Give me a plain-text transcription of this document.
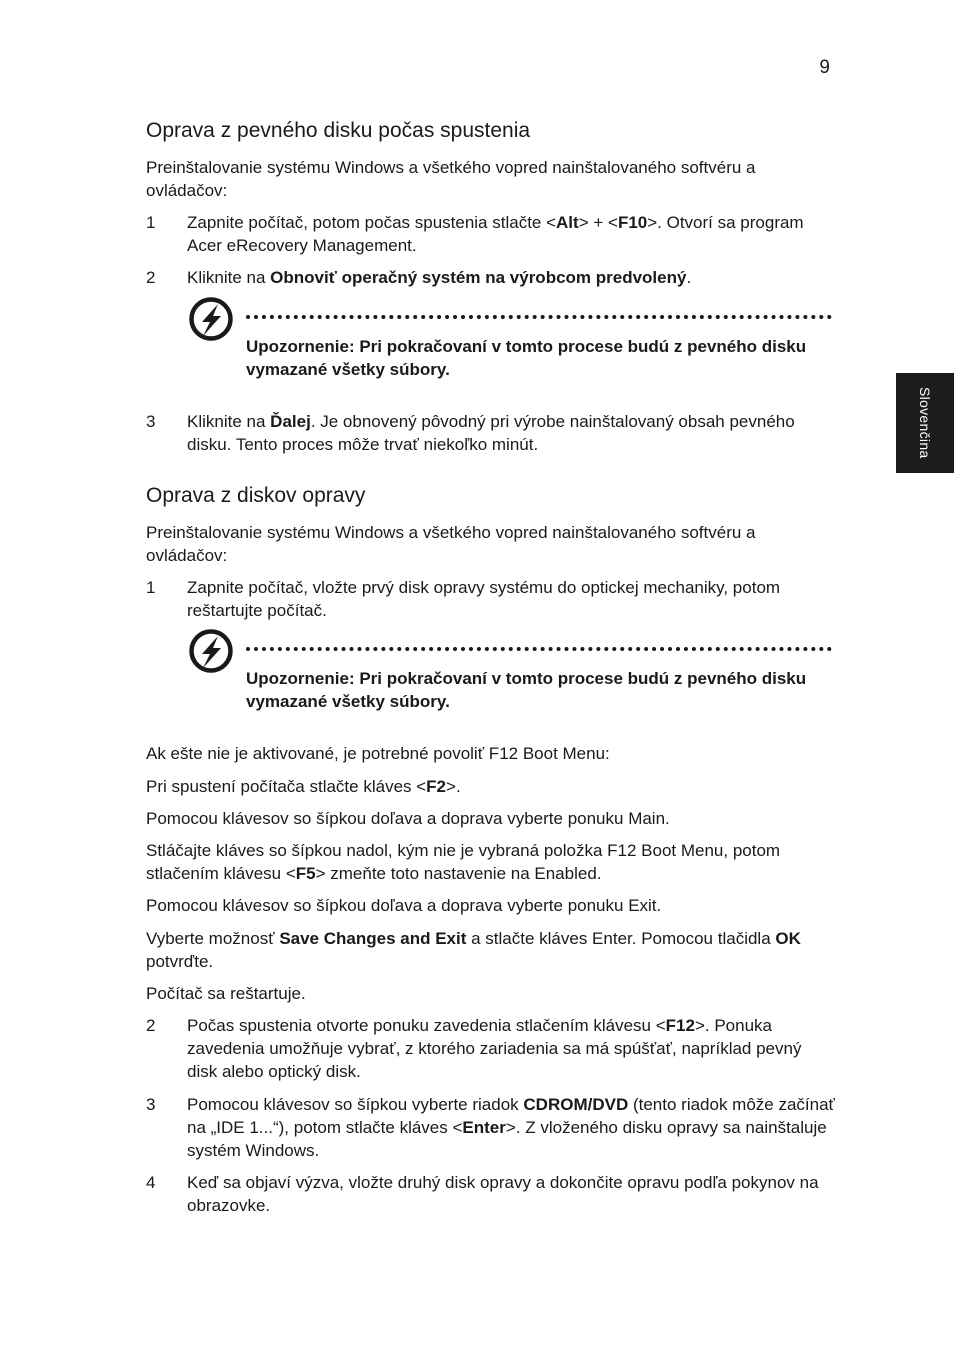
9
Slovenčina
Oprava z pevného disku počas spustenia

Preinštalovanie systému Windows a všetkého vopred nainštalovaného softvéru a ovládačov:

1	Zapnite počítač, potom počas spustenia stlačte <Alt> + <F10>. Otvorí sa program Acer eRecovery Management.
2	Kliknite na Obnoviť operačný systém na výrobcom predvolený.
Upozornenie: Pri pokračovaní v tomto procese budú z pevného disku vymazané všetky súbory.
3	Kliknite na Ďalej. Je obnovený pôvodný pri výrobe nainštalovaný obsah pevného disku. Tento proces môže trvať niekoľko minút.
Oprava z diskov opravy

Preinštalovanie systému Windows a všetkého vopred nainštalovaného softvéru a ovládačov:

1	Zapnite počítač, vložte prvý disk opravy systému do optickej mechaniky, potom reštartujte počítač.
Upozornenie: Pri pokračovaní v tomto procese budú z pevného disku vymazané všetky súbory.

Ak ešte nie je aktivované, je potrebné povoliť F12 Boot Menu:

Pri spustení počítača stlačte kláves <F2>.

Pomocou klávesov so šípkou doľava a doprava vyberte ponuku Main.

Stláčajte kláves so šípkou nadol, kým nie je vybraná položka F12 Boot Menu, potom stlačením klávesu <F5> zmeňte toto nastavenie na Enabled.

Pomocou klávesov so šípkou doľava a doprava vyberte ponuku Exit.

Vyberte možnosť Save Changes and Exit a stlačte kláves Enter. Pomocou tlačidla OK potvrďte.

Počítač sa reštartuje.

2	Počas spustenia otvorte ponuku zavedenia stlačením klávesu <F12>. Ponuka zavedenia umožňuje vybrať, z ktorého zariadenia sa má spúšťať, napríklad pevný disk alebo optický disk.
3	Pomocou klávesov so šípkou vyberte riadok CDROM/DVD (tento riadok môže začínať na „IDE 1...“), potom stlačte kláves <Enter>. Z vloženého disku opravy sa nainštaluje systém Windows.
4	Keď sa objaví výzva, vložte druhý disk opravy a dokončite opravu podľa pokynov na obrazovke.
